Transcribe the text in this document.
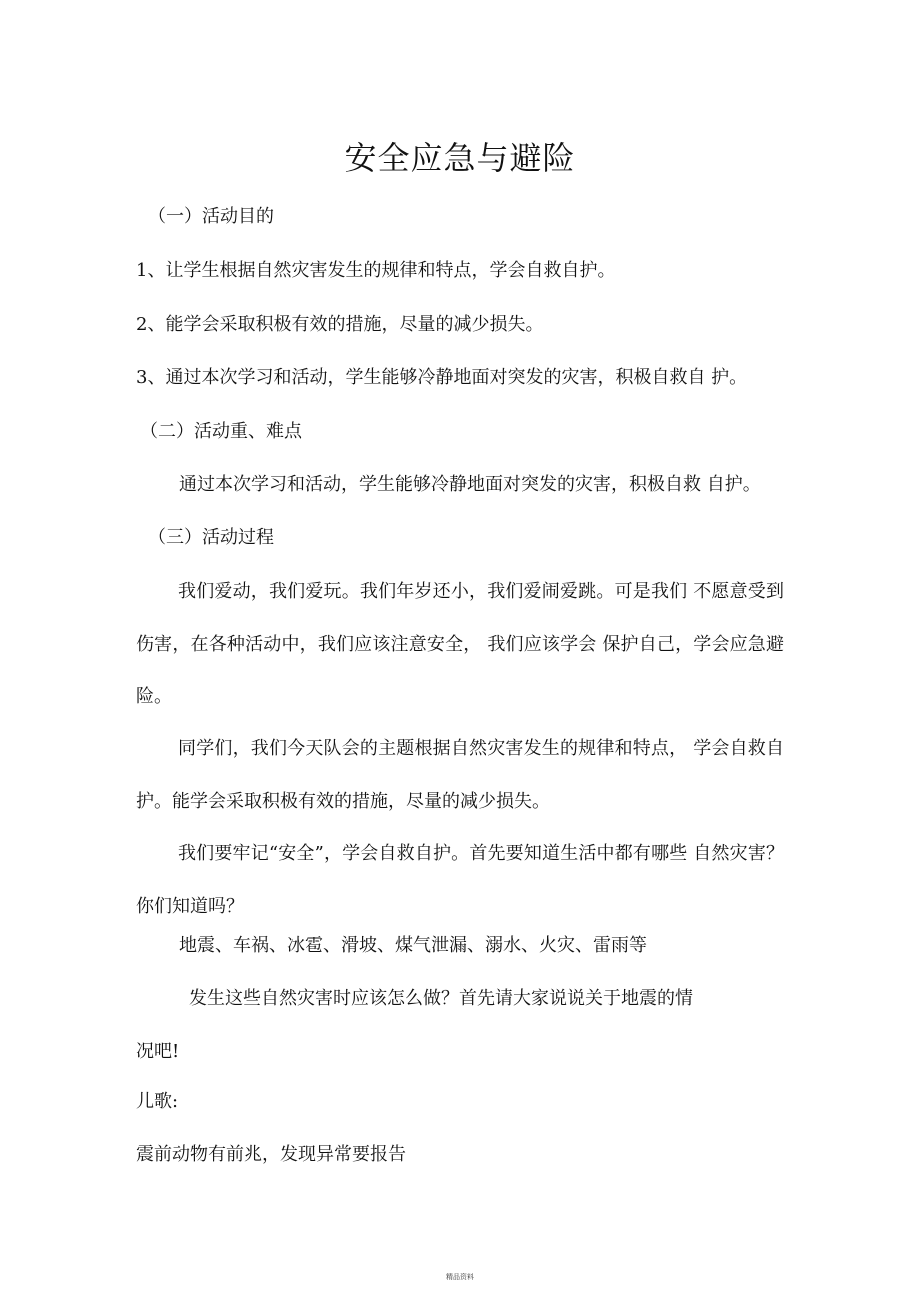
安全应急与避险
（一）活动目的
1、让学生根据自然灾害发生的规律和特点，学会自救自护。
2、能学会采取积极有效的措施，尽量的减少损失。
3、通过本次学习和活动，学生能够冷静地面对突发的灾害，积极自救自 护。
（二）活动重、难点
通过本次学习和活动，学生能够冷静地面对突发的灾害，积极自救 自护。
（三）活动过程
我们爱动，我们爱玩。我们年岁还小，我们爱闹爱跳。可是我们 不愿意受到伤害，在各种活动中，我们应该注意安全， 我们应该学会 保护自己，学会应急避险。
同学们，我们今天队会的主题根据自然灾害发生的规律和特点， 学会自救自护。能学会采取积极有效的措施，尽量的减少损失。
我们要牢记“安全”，学会自救自护。首先要知道生活中都有哪些 自然灾害？你们知道吗？
地震、车祸、冰雹、滑坡、煤气泄漏、溺水、火灾、雷雨等
发生这些自然灾害时应该怎么做？首先请大家说说关于地震的情
况吧!
儿歌:
震前动物有前兆，发现异常要报告
精品资料
